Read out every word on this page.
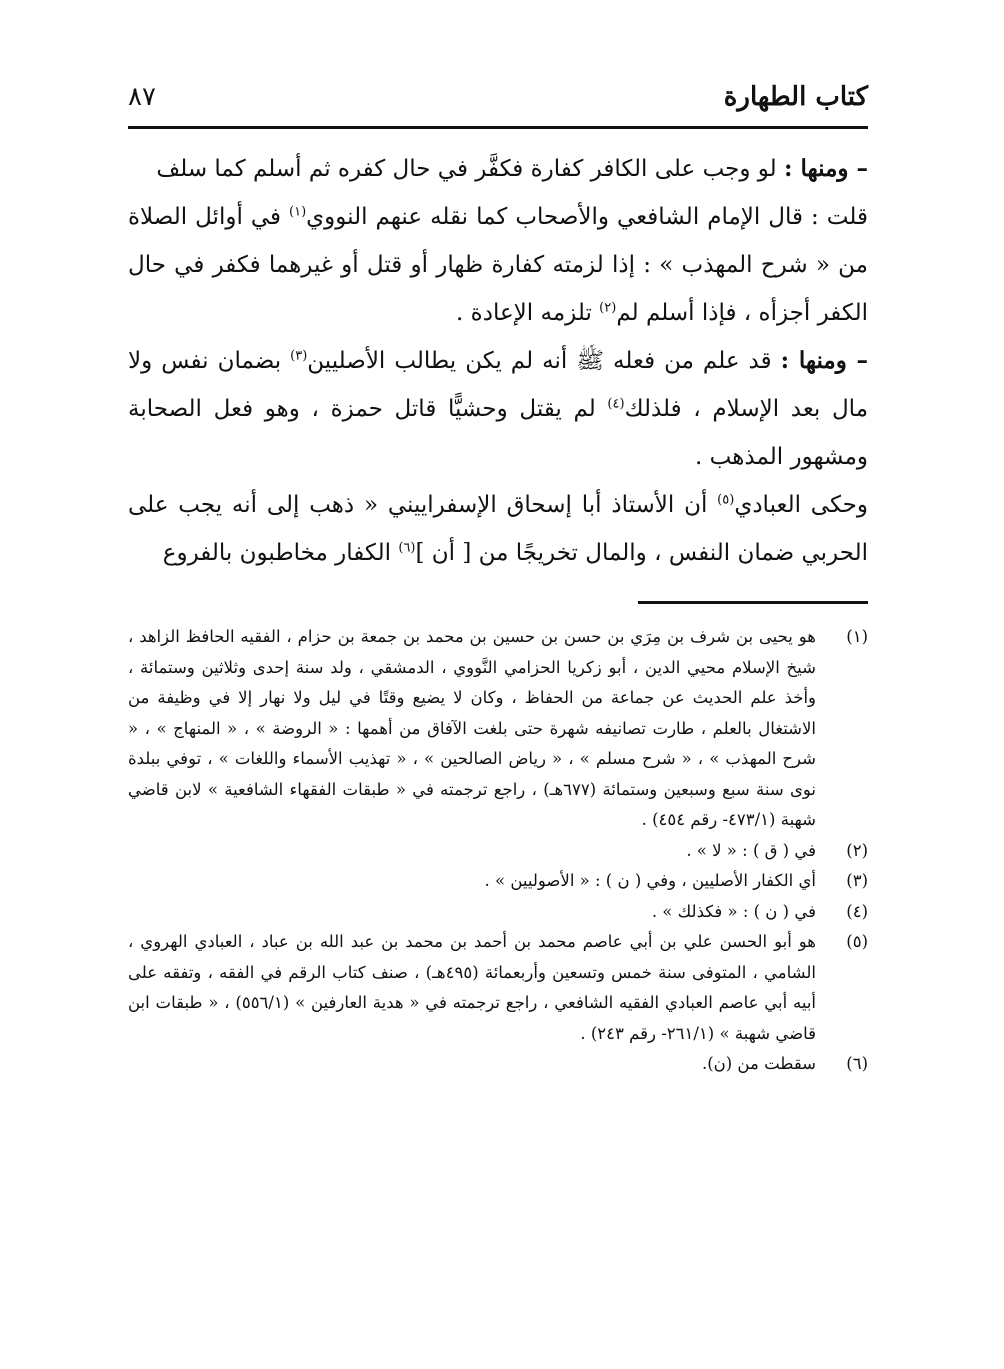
كتاب الطهارة
٨٧

– ومنها : لو وجب على الكافر كفارة فكفَّر في حال كفره ثم أسلم كما سلف

قلت : قال الإمام الشافعي والأصحاب كما نقله عنهم النووي$^{(١)}$ في أوائل الصلاة من « شرح المهذب » : إذا لزمته كفارة ظهار أو قتل أو غيرهما فكفر في حال الكفر أجزأه ، فإذا أسلم لم$^{(٢)}$ تلزمه الإعادة .

– ومنها : قد علم من فعله ﷺ أنه لم يكن يطالب الأصليين$^{(٣)}$ بضمان نفس ولا مال بعد الإسلام ، فلذلك$^{(٤)}$ لم يقتل وحشيًّا قاتل حمزة ، وهو فعل الصحابة ومشهور المذهب .

وحكى العبادي$^{(٥)}$ أن الأستاذ أبا إسحاق الإسفراييني « ذهب إلى أنه يجب على الحربي ضمان النفس ، والمال تخريجًا من [ أن ]$^{(٦)}$ الكفار مخاطبون بالفروع

(١)
هو يحيى بن شرف بن مِرَي بن حسن بن حسين بن محمد بن جمعة بن حزام ، الفقيه الحافظ الزاهد ، شيخ الإسلام محيي الدين ، أبو زكريا الحزامي النَّووي ، الدمشقي ، ولد سنة إحدى وثلاثين وستمائة ، وأخذ علم الحديث عن جماعة من الحفاظ ، وكان لا يضيع وقتًا في ليل ولا نهار إلا في وظيفة من الاشتغال بالعلم ، طارت تصانيفه شهرة حتى بلغت الآفاق من أهمها : « الروضة » ، « المنهاج » ، « شرح المهذب » ، « شرح مسلم » ، « رياض الصالحين » ، « تهذيب الأسماء واللغات » ، توفي ببلدة نوى سنة سبع وسبعين وستمائة (٦٧٧هـ) ، راجع ترجمته في « طبقات الفقهاء الشافعية » لابن قاضي شهبة (٤٧٣/١- رقم ٤٥٤) .
(٢)
في ( ق ) : « لا » .
(٣)
أي الكفار الأصليين ، وفي ( ن ) : « الأصوليين » .
(٤)
في ( ن ) : « فكذلك » .
(٥)
هو أبو الحسن علي بن أبي عاصم محمد بن أحمد بن محمد بن عبد الله بن عباد ، العبادي الهروي ، الشامي ، المتوفى سنة خمس وتسعين وأربعمائة (٤٩٥هـ) ، صنف كتاب الرقم في الفقه ، وتفقه على أبيه أبي عاصم العبادي الفقيه الشافعي ، راجع ترجمته في « هدية العارفين » (٥٥٦/١) ، « طبقات ابن قاضي شهبة » (٢٦١/١- رقم ٢٤٣) .
(٦)
سقطت من (ن).
